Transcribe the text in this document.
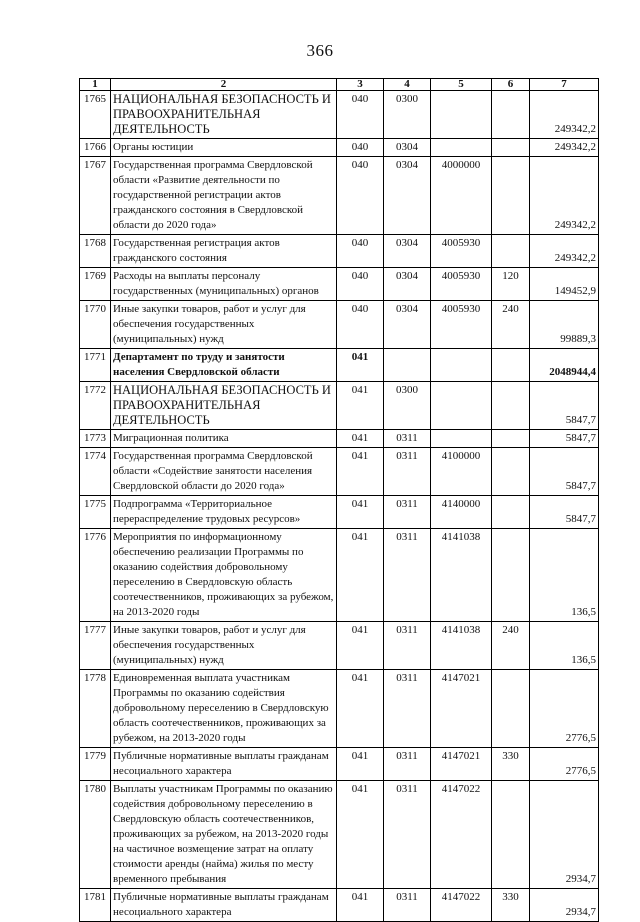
366
1	2	3	4	5	6	7
1765	НАЦИОНАЛЬНАЯ БЕЗОПАСНОСТЬ И ПРАВООХРАНИТЕЛЬНАЯ ДЕЯТЕЛЬНОСТЬ	040	0300			249342,2
1766	Органы юстиции	040	0304			249342,2
1767	Государственная программа Свердловской области «Развитие деятельности по государственной регистрации актов гражданского состояния в Свердловской области до 2020 года»	040	0304	4000000		249342,2
1768	Государственная регистрация актов гражданского состояния	040	0304	4005930		249342,2
1769	Расходы на выплаты персоналу государственных (муниципальных) органов	040	0304	4005930	120	149452,9
1770	Иные закупки товаров, работ и услуг для обеспечения государственных (муниципальных) нужд	040	0304	4005930	240	99889,3
1771	Департамент по труду и занятости населения Свердловской области	041				2048944,4
1772	НАЦИОНАЛЬНАЯ БЕЗОПАСНОСТЬ И ПРАВООХРАНИТЕЛЬНАЯ ДЕЯТЕЛЬНОСТЬ	041	0300			5847,7
1773	Миграционная политика	041	0311			5847,7
1774	Государственная программа Свердловской области «Содействие занятости населения Свердловской области до 2020 года»	041	0311	4100000		5847,7
1775	Подпрограмма «Территориальное перераспределение трудовых ресурсов»	041	0311	4140000		5847,7
1776	Мероприятия по информационному обеспечению реализации Программы по оказанию содействия добровольному переселению в Свердловскую область соотечественников, проживающих за рубежом, на 2013-2020 годы	041	0311	4141038		136,5
1777	Иные закупки товаров, работ и услуг для обеспечения государственных (муниципальных) нужд	041	0311	4141038	240	136,5
1778	Единовременная выплата участникам Программы по оказанию содействия добровольному переселению в Свердловскую область соотечественников, проживающих за рубежом, на 2013-2020 годы	041	0311	4147021		2776,5
1779	Публичные нормативные выплаты гражданам несоциального характера	041	0311	4147021	330	2776,5
1780	Выплаты участникам Программы по оказанию содействия добровольному переселению в Свердловскую область соотечественников, проживающих за рубежом, на 2013-2020 годы на частичное возмещение затрат на оплату стоимости аренды (найма) жилья по месту временного пребывания	041	0311	4147022		2934,7
1781	Публичные нормативные выплаты гражданам несоциального характера	041	0311	4147022	330	2934,7
